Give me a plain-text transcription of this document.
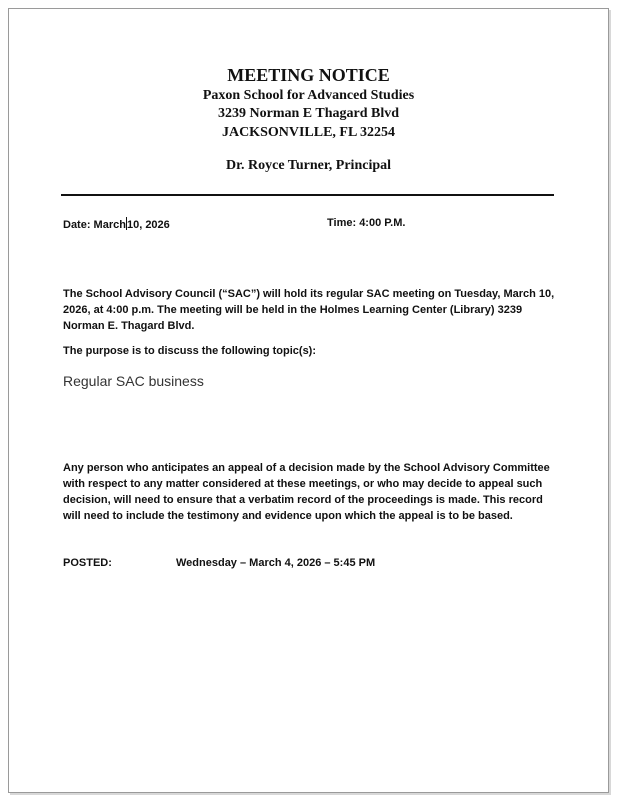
MEETING NOTICE
Paxon School for Advanced Studies
3239 Norman E Thagard Blvd
JACKSONVILLE, FL 32254
Dr. Royce Turner, Principal
Date: March10, 2026	Time: 4:00 P.M.
The School Advisory Council (“SAC”) will hold its regular SAC meeting on Tuesday, March 10, 2026, at 4:00 p.m. The meeting will be held in the Holmes Learning Center (Library) 3239 Norman E. Thagard Blvd.
The purpose is to discuss the following topic(s):
Regular SAC business
Any person who anticipates an appeal of a decision made by the School Advisory Committee with respect to any matter considered at these meetings, or who may decide to appeal such decision, will need to ensure that a verbatim record of the proceedings is made. This record will need to include the testimony and evidence upon which the appeal is to be based.
POSTED:	Wednesday – March 4, 2026 – 5:45 PM
